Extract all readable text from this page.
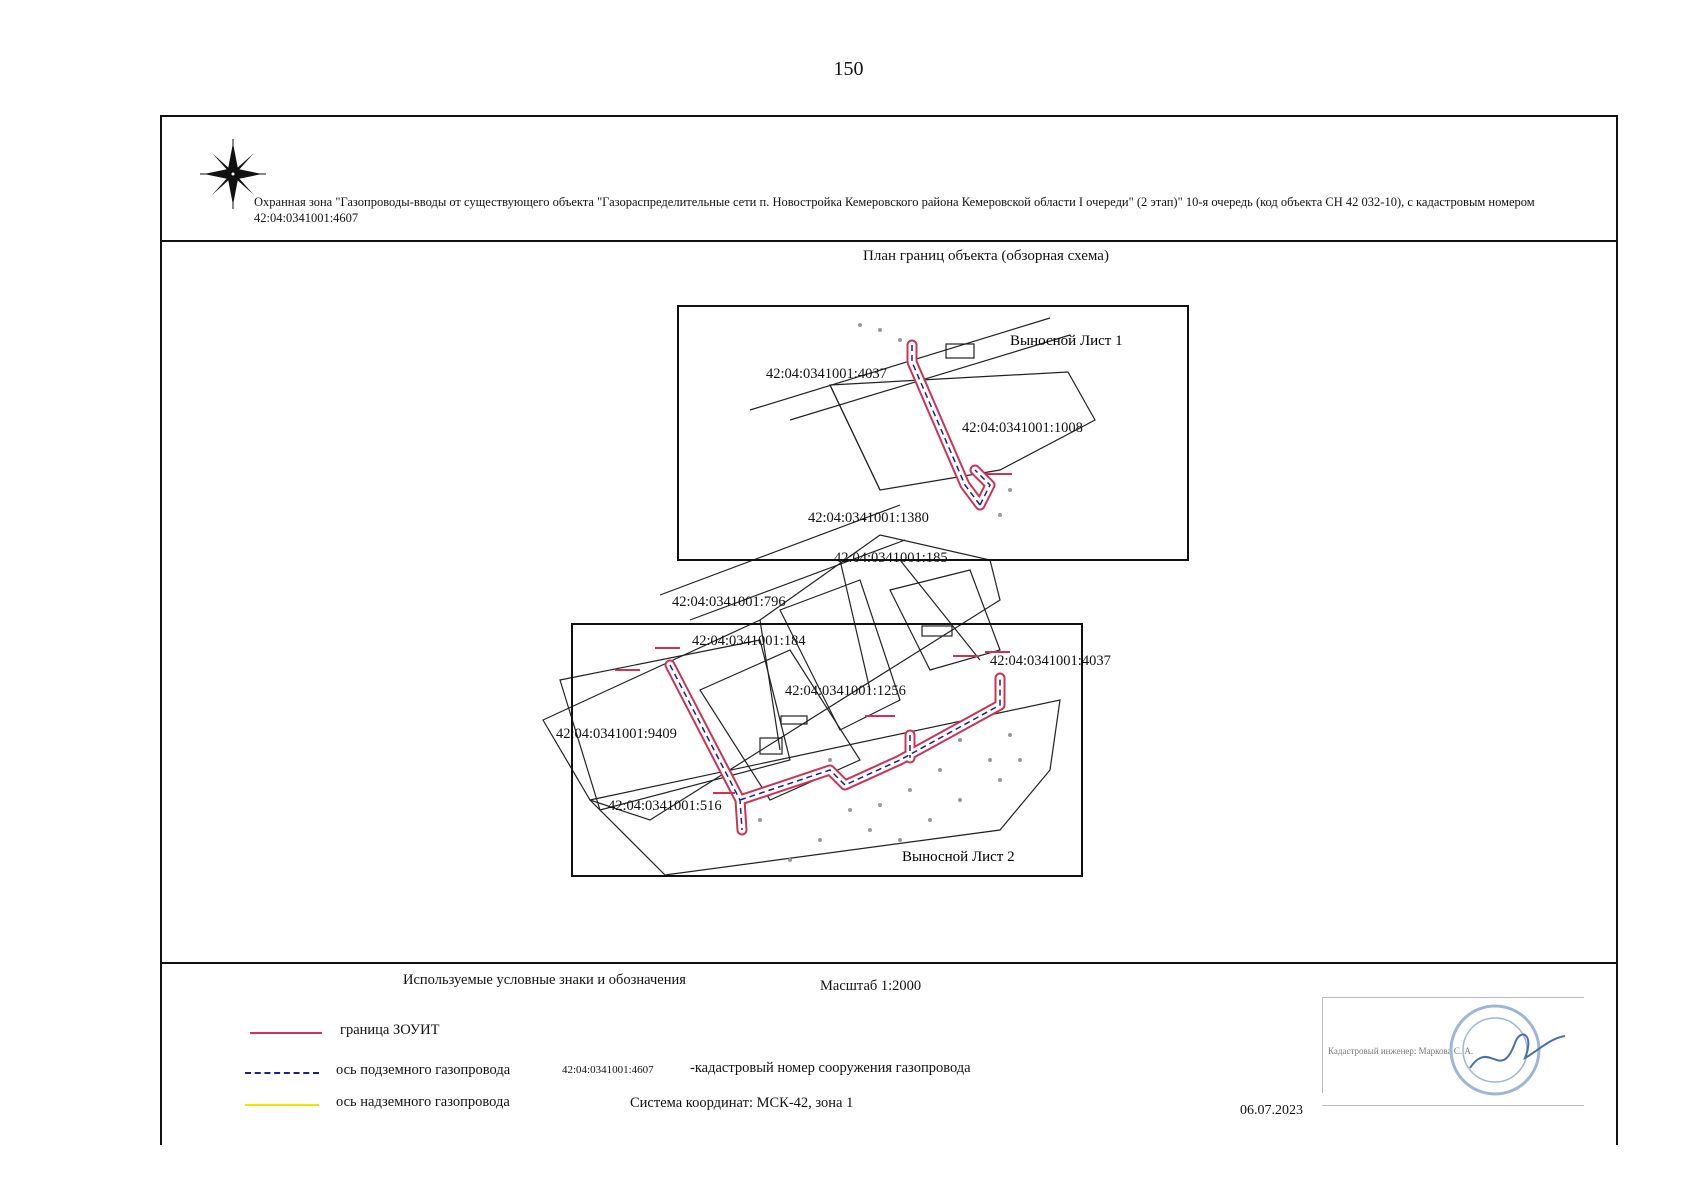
150
Охранная зона "Газопроводы-вводы от существующего объекта "Газораспределительные сети п. Новостройка Кемеровского района Кемеровской области I очереди" (2 этап)" 10-я очередь (код объекта СН 42 032-10), с кадастровым номером 42:04:0341001:4607
План границ объекта (обзорная схема)
Выносной Лист 1
Выносной Лист 2
42:04:0341001:4037
42:04:0341001:1008
42:04:0341001:1380
42:04:0341001:185
42:04:0341001:796
42:04:0341001:184
42:04:0341001:4037
42:04:0341001:1256
42:04:0341001:9409
42:04:0341001:516
Используемые условные знаки и обозначения	Масштаб 1:2000
граница ЗОУИТ
ось подземного газопровода
ось надземного газопровода
42:04:0341001:4607	-кадастровый номер сооружения газопровода
Система координат: МСК-42, зона 1
Кадастровый инженер: Маркова С. А.
06.07.2023
